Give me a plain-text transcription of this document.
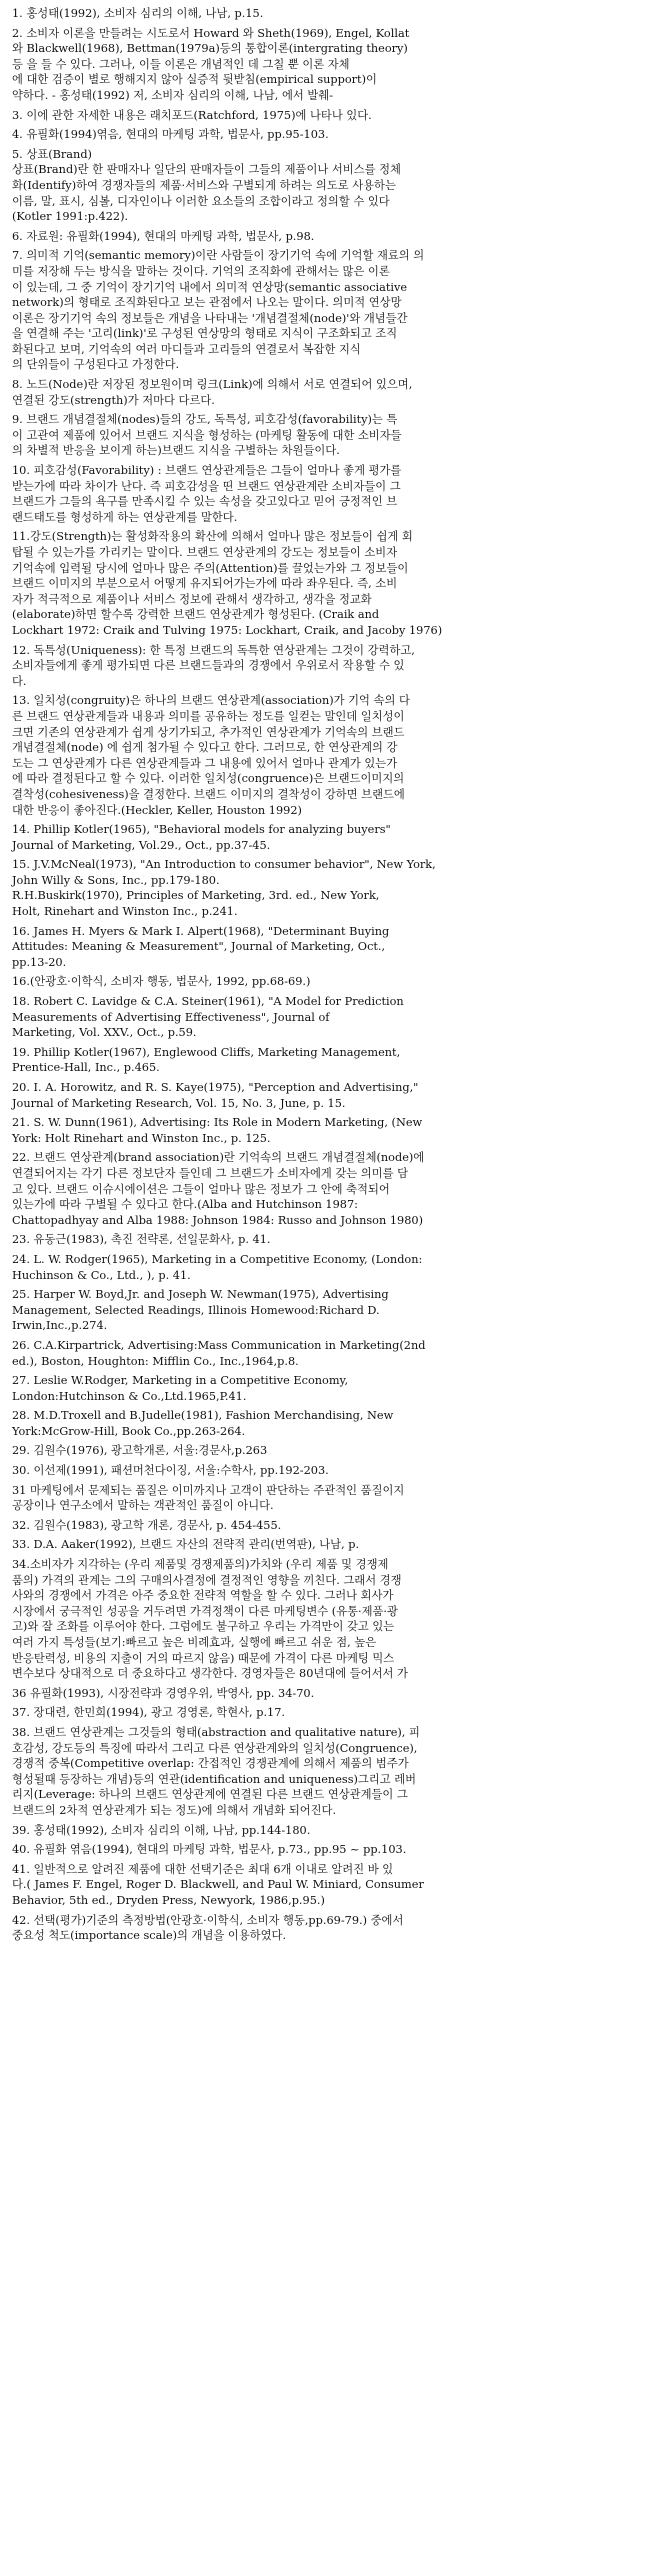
1. 홍성태(1992), 소비자 심리의 이해, 나남, p.15.

2. 소비자 이론을 만들려는 시도로서 Howard 와 Sheth(1969), Engel, Kollat
와 Blackwell(1968), Bettman(1979a)등의 통합이론(intergrating theory)
등 을 들 수 있다. 그러나, 이들 이론은 개념적인 데 그칠 뿐 이론 자체
에 대한 검증이 별로 행해지지 않아 실증적 뒷받침(empirical support)이
약하다. - 홍성태(1992) 저, 소비자 심리의 이해, 나남, 에서 발췌-

3. 이에 관한 자세한 내용은 래치포드(Ratchford, 1975)에 나타나 있다.

4. 유필화(1994)엮음, 현대의 마케팅 과학, 법문사, pp.95-103.

5. 상표(Brand)
상표(Brand)란 한 판매자나 일단의 판매자들이 그들의 제품이나 서비스를 정체
화(Identify)하여 경쟁자들의 제품·서비스와 구별되게 하려는 의도로 사용하는
이름, 말, 표시, 심볼, 디자인이나 이러한 요소들의 조합이라고 정의할 수 있다
(Kotler 1991:p.422).

6. 자료원: 유필화(1994), 현대의 마케팅 과학, 법문사, p.98.

7. 의미적 기억(semantic memory)이란 사람들이 장기기억 속에 기억할 재료의 의
미를 저장해 두는 방식을 말하는 것이다. 기억의 조직화에 관해서는 많은 이론
이 있는데, 그 중 기억이 장기기억 내에서 의미적 연상망(semantic associative
network)의 형태로 조직화된다고 보는 관점에서 나오는 말이다. 의미적 연상망
이론은 장기기억 속의 정보들은 개념을 나타내는 '개념결절체(node)'와 개념들간
을 연결해 주는 '고리(link)'로 구성된 연상망의 형태로 지식이 구조화되고 조직
화된다고 보며, 기억속의 여러 마디들과 고리들의 연결로서 복잡한 지식
의 단위들이 구성된다고 가정한다.

8. 노드(Node)란 저장된 정보원이며 링크(Link)에 의해서 서로 연결되어 있으며,
연결된 강도(strength)가 저마다 다르다.

9. 브랜드 개념결절체(nodes)들의 강도, 독특성, 피호감성(favorability)는 특
이 고관여 제품에 있어서 브랜드 지식을 형성하는 (마케팅 활동에 대한 소비자들
의 차별적 반응을 보이게 하는)브랜드 지식을 구별하는 차원들이다.

10. 피호감성(Favorability) : 브랜드 연상관계들은 그들이 얼마나 좋게 평가를
받는가에 따라 차이가 난다. 즉 피호감성을 띤 브랜드 연상관계란 소비자들이 그
브랜드가 그들의 욕구를 만족시킬 수 있는 속성을 갖고있다고 믿어 긍정적인 브
랜드태도를 형성하게 하는 연상관계를 말한다.

11.강도(Strength)는 활성화작용의 확산에 의해서 얼마나 많은 정보들이 쉽게 회
탑될 수 있는가를 가리키는 말이다. 브랜드 연상관계의 강도는 정보들이 소비자
기억속에 입력될 당시에 얼마나 많은 주의(Attention)를 끌었는가와 그 정보들이
브랜드 이미지의 부분으로서 어떻게 유지되어가는가에 따라 좌우된다. 즉, 소비
자가 적극적으로 제품이나 서비스 정보에 관해서 생각하고, 생각을 정교화
(elaborate)하면 할수록 강력한 브랜드 연상관계가 형성된다. (Craik and
Lockhart 1972: Craik and Tulving 1975: Lockhart, Craik, and Jacoby 1976)

12. 독특성(Uniqueness): 한 특정 브랜드의 독특한 연상관계는 그것이 강력하고,
소비자들에게 좋게 평가되면 다른 브랜드들과의 경쟁에서 우위로서 작용할 수 있
다.

13. 일치성(congruity)은 하나의 브랜드 연상관계(association)가 기억 속의 다
른 브랜드 연상관계들과 내용과 의미를 공유하는 정도를 일컫는 말인데 일치성이
크면 기존의 연상관계가 쉽게 상기가되고, 추가적인 연상관계가 기억속의 브랜드
개념결절체(node) 에 쉽게 첨가될 수 있다고 한다. 그러므로, 한 연상관계의 강
도는 그 연상관계가 다른 연상관계들과 그 내용에 있어서 얼마나 관계가 있는가
에 따라 결정된다고 할 수 있다. 이러한 일치성(congruence)은 브랜드이미지의
결착성(cohesiveness)을 결정한다. 브랜드 이미지의 결착성이 강하면 브랜드에
대한 반응이 좋아진다.(Heckler, Keller, Houston 1992)

14. Phillip Kotler(1965), "Behavioral models for analyzing buyers"
Journal of Marketing, Vol.29., Oct., pp.37-45.

15. J.V.McNeal(1973), "An Introduction to consumer behavior", New York,
John Willy & Sons, Inc., pp.179-180.
R.H.Buskirk(1970), Principles of Marketing, 3rd. ed., New York,
Holt, Rinehart and Winston Inc., p.241.

16. James H. Myers & Mark I. Alpert(1968), "Determinant Buying
Attitudes: Meaning & Measurement", Journal of Marketing, Oct.,
pp.13-20.

16.(안광호·이학식, 소비자 행동, 법문사, 1992, pp.68-69.)

18. Robert C. Lavidge & C.A. Steiner(1961), "A Model for Prediction
Measurements of Advertising Effectiveness", Journal of
Marketing, Vol. XXV., Oct., p.59.

19. Phillip Kotler(1967), Englewood Cliffs, Marketing Management,
Prentice-Hall, Inc., p.465.

20. I. A. Horowitz, and R. S. Kaye(1975), "Perception and Advertising,"
Journal of Marketing Research, Vol. 15, No. 3, June, p. 15.

21. S. W. Dunn(1961), Advertising: Its Role in Modern Marketing, (New
York: Holt Rinehart and Winston Inc., p. 125.

22. 브랜드 연상관계(brand association)란 기억속의 브랜드 개념결절체(node)에
연결되어지는 각기 다른 정보단자 들인데 그 브랜드가 소비자에게 갖는 의미를 담
고 있다. 브랜드 이슈시에이션은 그들이 얼마나 많은 정보가 그 안에 축적되어
있는가에 따라 구별될 수 있다고 한다.(Alba and Hutchinson 1987:
Chattopadhyay and Alba 1988: Johnson 1984: Russo and Johnson 1980)

23. 유동근(1983), 촉진 전략론, 선일문화사, p. 41.

24. L. W. Rodger(1965), Marketing in a Competitive Economy, (London:
Huchinson & Co., Ltd., ), p. 41.

25. Harper W. Boyd,Jr. and Joseph W. Newman(1975), Advertising
Management, Selected Readings, Illinois Homewood:Richard D.
Irwin,Inc.,p.274.

26. C.A.Kirpartrick, Advertising:Mass Communication in Marketing(2nd
ed.), Boston, Houghton: Mifflin Co., Inc.,1964,p.8.

27. Leslie W.Rodger, Marketing in a Competitive Economy,
London:Hutchinson & Co.,Ltd.1965,P.41.

28. M.D.Troxell and B.Judelle(1981), Fashion Merchandising, New
York:McGrow-Hill, Book Co.,pp.263-264.

29. 김원수(1976), 광고학개론, 서울:경문사,p.263

30. 이선제(1991), 패션머천다이징, 서울:수학사, pp.192-203.

31 마케팅에서 문제되는 품질은 이미까지나 고객이 판단하는 주관적인 품질이지
공장이나 연구소에서 말하는 객관적인 품질이 아니다.

32. 김원수(1983), 광고학 개론, 경문사, p. 454-455.

33. D.A. Aaker(1992), 브랜드 자산의 전략적 관리(번역판), 나남, p.

34.소비자가 지각하는 (우리 제품및 경쟁제품의)가치와 (우리 제품 및 경쟁제
품의) 가격의 관계는 그의 구매의사결정에 결정적인 영향을 끼친다. 그래서 경쟁
사와의 경쟁에서 가격은 아주 중요한 전략적 역할을 할 수 있다. 그러나 회사가
시장에서 궁극적인 성공을 거두려면 가격정책이 다른 마케팅변수 (유통·제품·광
고)와 잘 조화를 이루어야 한다. 그럼에도 불구하고 우리는 가격만이 갖고 있는
여러 가지 특성들(보기:빠르고 높은 비례효과, 실행에 빠르고 쉬운 점, 높은
반응탄력성, 비용의 지출이 거의 따르지 않음) 때문에 가격이 다른 마케팅 믹스
변수보다 상대적으로 더 중요하다고 생각한다. 경영자들은 80년대에 들어서서 가

36 유필화(1993), 시장전략과 경영우위, 박영사, pp. 34-70.

37. 장대련, 한민희(1994), 광고 경영론, 학현사, p.17.

38. 브랜드 연상관계는 그것들의 형태(abstraction and qualitative nature), 피
호감성, 강도등의 특징에 따라서 그리고 다른 연상관계와의 일치성(Congruence),
경쟁적 중복(Competitive overlap: 간접적인 경쟁관계에 의해서 제품의 범주가
형성될때 등장하는 개념)등의 연관(identification and uniqueness)그리고 레버
리지(Leverage: 하나의 브랜드 연상관계에 연결된 다른 브랜드 연상관계들이 그
브랜드의 2차적 연상관계가 되는 정도)에 의해서 개념화 되어진다.

39. 홍성태(1992), 소비자 심리의 이해, 나남, pp.144-180.

40. 유필화 엮음(1994), 현대의 마케팅 과학, 법문사, p.73., pp.95 ~ pp.103.

41. 일반적으로 알려진 제품에 대한 선택기준은 최대 6개 이내로 알려진 바 있
다.( James F. Engel, Roger D. Blackwell, and Paul W. Miniard, Consumer
Behavior, 5th ed., Dryden Press, Newyork, 1986,p.95.)

42. 선택(평가)기준의 측정방법(안광호·이학식, 소비자 행동,pp.69-79.) 중에서
중요성 척도(importance scale)의 개념을 이용하였다.
